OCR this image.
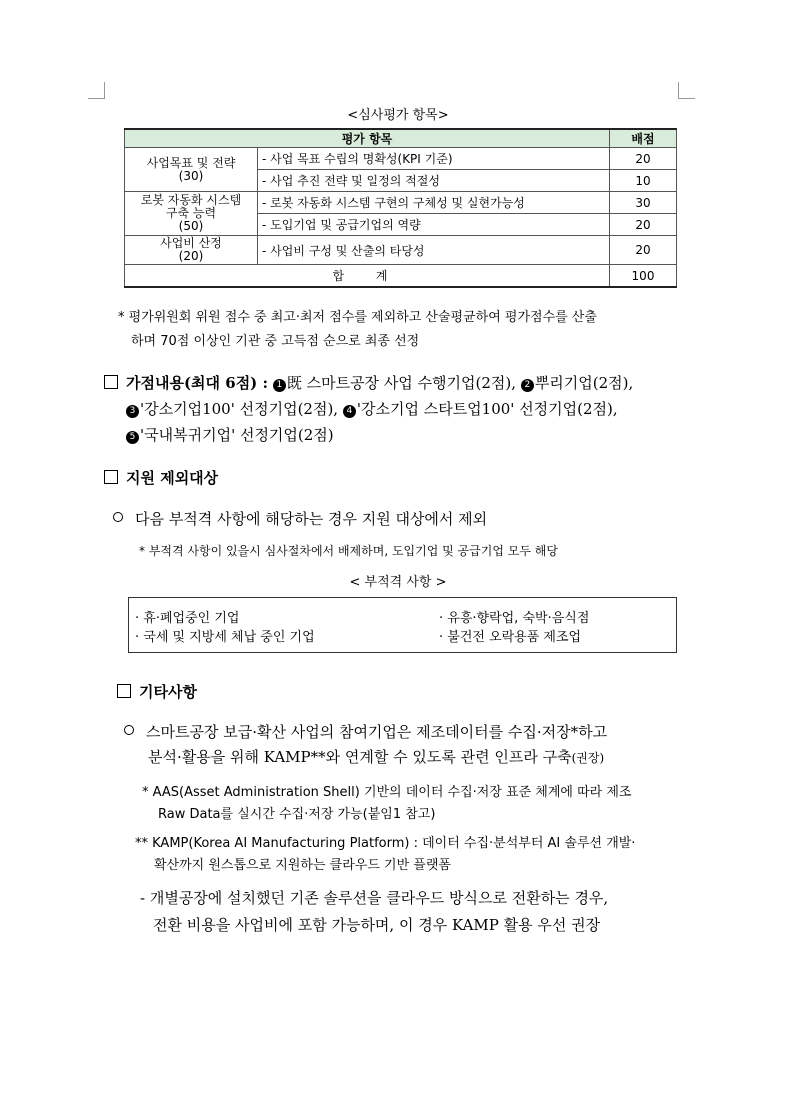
<심사평가 항목>
평가 항목		배점
사업목표 및 전략
(30)	- 사업 목표 수립의 명확성(KPI 기준)	20
	- 사업 추진 전략 및 일정의 적절성	10
로봇 자동화 시스템
구축 능력
(50)	- 로봇 자동화 시스템 구현의 구체성 및 실현가능성	30
	- 도입기업 및 공급기업의 역량	20
사업비 산정
(20)	- 사업비 구성 및 산출의 타당성	20
합 계		100
* 평가위원회 위원 점수 중 최고·최저 점수를 제외하고 산술평균하여 평가점수를 산출
하며 70점 이상인 기관 중 고득점 순으로 최종 선정
가점내용(최대 6점) : 1 既 스마트공장 사업 수행기업(2점), 2 뿌리기업(2점),
3 '강소기업100' 선정기업(2점), 4 '강소기업 스타트업100' 선정기업(2점),
5 '국내복귀기업' 선정기업(2점)
지원 제외대상
다음 부적격 사항에 해당하는 경우 지원 대상에서 제외
* 부적격 사항이 있을시 심사절차에서 배제하며, 도입기업 및 공급기업 모두 해당
< 부적격 사항 >
· 휴·폐업중인 기업	· 유흥·향락업, 숙박·음식점
· 국세 및 지방세 체납 중인 기업	· 불건전 오락용품 제조업
기타사항
스마트공장 보급·확산 사업의 참여기업은 제조데이터를 수집·저장*하고
분석·활용을 위해 KAMP**와 연계할 수 있도록 관련 인프라 구축(권장)
* AAS(Asset Administration Shell) 기반의 데이터 수집·저장 표준 체계에 따라 제조
Raw Data를 실시간 수집·저장 가능(붙임1 참고)
** KAMP(Korea AI Manufacturing Platform) : 데이터 수집·분석부터 AI 솔루션 개발·
확산까지 원스톱으로 지원하는 클라우드 기반 플랫폼
- 개별공장에 설치했던 기존 솔루션을 클라우드 방식으로 전환하는 경우,
전환 비용을 사업비에 포함 가능하며, 이 경우 KAMP 활용 우선 권장
